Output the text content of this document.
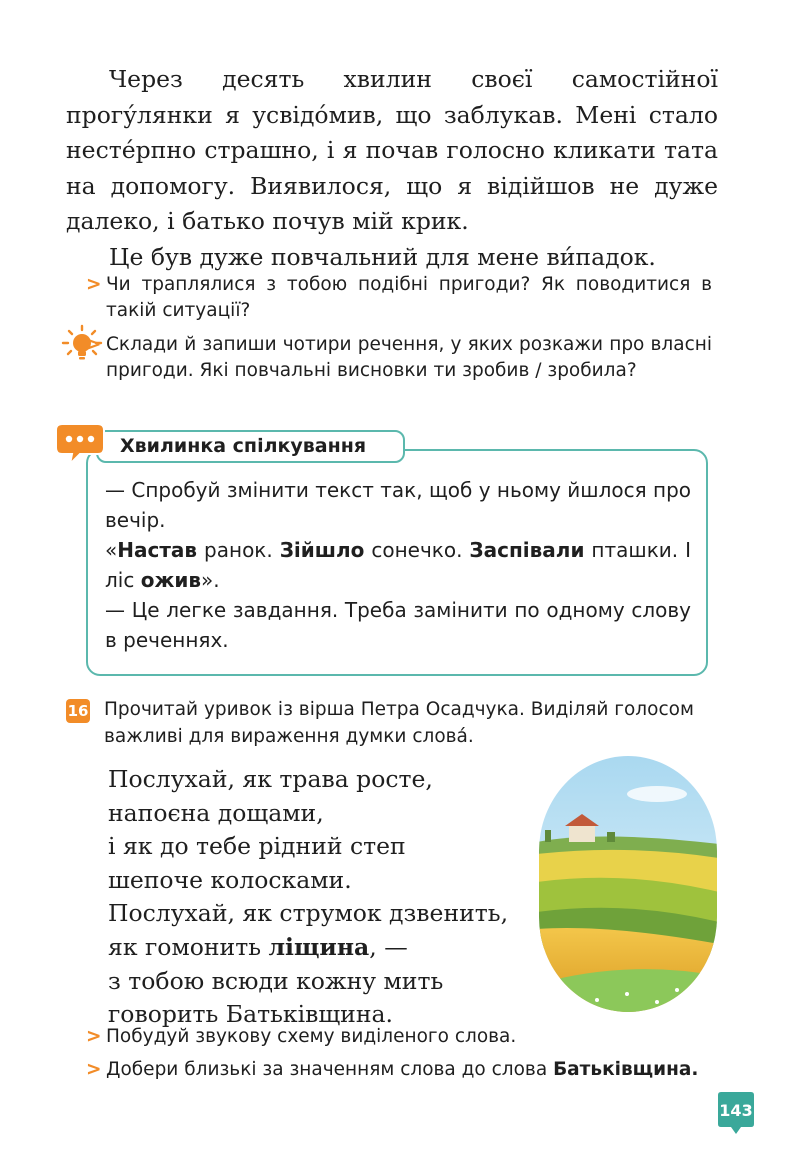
Через десять хвилин своєї самостійної прогу́лянки я усвідо́мив, що заблукав. Мені стало несте́рпно страшно, і я почав голосно кликати тата на допомогу. Виявилося, що я відійшов не дуже далеко, і батько почув мій крик.

Це був дуже повчальний для мене ви́падок.

> Чи траплялися з тобою подібні пригоди? Як поводитися в такій ситуації?
> Склади й запиши чотири речення, у яких розкажи про власні пригоди. Які повчальні висновки ти зробив / зробила?
Хвилинка спілкування

— Спробуй змінити текст так, щоб у ньому йшлося про вечір.

«Настав ранок. Зійшло сонечко. Заспівали пташки. І ліс ожив».

— Це легке завдання. Треба замінити по одному слову в реченнях.

16 Прочитай уривок із вірша Петра Осадчука. Виділяй голосом важливі для вираження думки слова́.
Послухай, як трава росте,
напоєна дощами,
і як до тебе рідний степ
шепоче колосками.
Послухай, як струмок дзвенить,
як гомонить ліщина, —
з тобою всюди кожну мить
говорить Батьківщина.
> Побудуй звукову схему виділеного слова.
> Добери близькі за значенням слова до слова Батьківщина.
143
